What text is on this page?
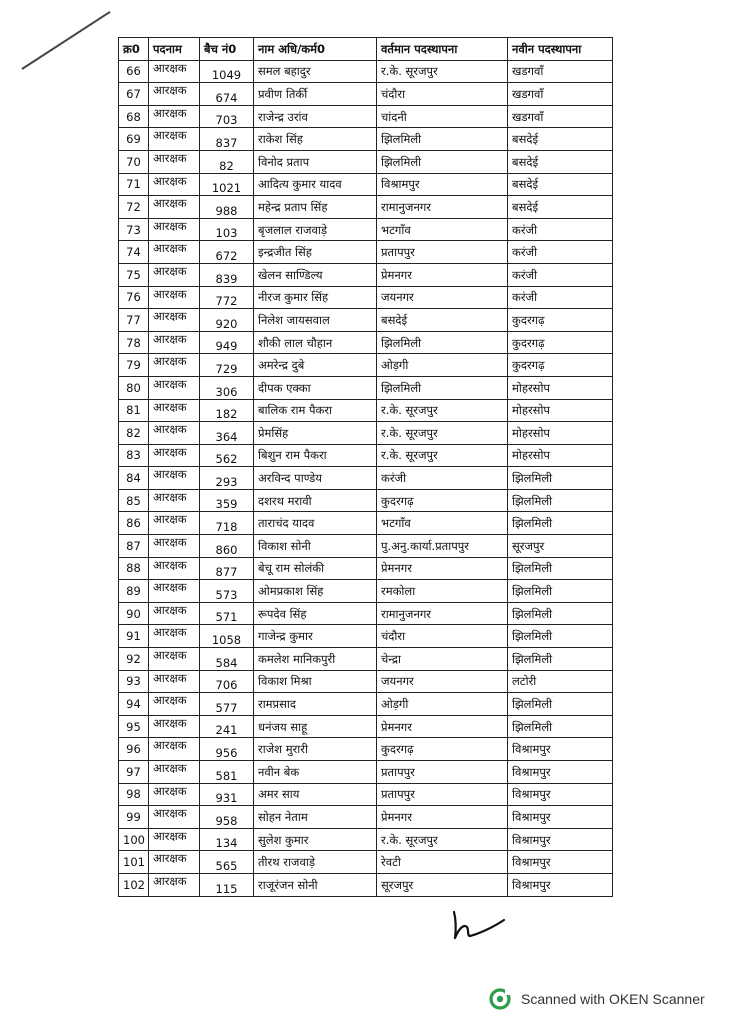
क्र0	पदनाम	बैच नं0	नाम अधि/कर्म0	वर्तमान पदस्थापना	नवीन पदस्थापना
66	आरक्षक	1049	समल बहादुर	र.के. सूरजपुर	खडगवॉं
67	आरक्षक	674	प्रवीण तिर्की	चंदौरा	खडगवॉं
68	आरक्षक	703	राजेन्द्र उरांव	चांदनी	खडगवॉं
69	आरक्षक	837	राकेश सिंह	झिलमिली	बसदेई
70	आरक्षक	82	विनोद प्रताप	झिलमिली	बसदेई
71	आरक्षक	1021	आदित्य कुमार यादव	विश्रामपुर	बसदेई
72	आरक्षक	988	महेन्द्र प्रताप सिंह	रामानुजनगर	बसदेई
73	आरक्षक	103	बृजलाल राजवाड़े	भटगॉंव	करंजी
74	आरक्षक	672	इन्द्रजीत सिंह	प्रतापपुर	करंजी
75	आरक्षक	839	खेलन साण्डिल्य	प्रेमनगर	करंजी
76	आरक्षक	772	नीरज कुमार सिंह	जयनगर	करंजी
77	आरक्षक	920	निलेश जायसवाल	बसदेई	कुदरगढ़
78	आरक्षक	949	शौकी लाल चौहान	झिलमिली	कुदरगढ़
79	आरक्षक	729	अमरेन्द्र दुबे	ओड़गी	कुदरगढ़
80	आरक्षक	306	दीपक एक्का	झिलमिली	मोहरसोप
81	आरक्षक	182	बालिक राम पैकरा	र.के. सूरजपुर	मोहरसोप
82	आरक्षक	364	प्रेमसिंह	र.के. सूरजपुर	मोहरसोप
83	आरक्षक	562	बिशुन राम पैकरा	र.के. सूरजपुर	मोहरसोप
84	आरक्षक	293	अरविन्द पाण्डेय	करंजी	झिलमिली
85	आरक्षक	359	दशरथ मरावी	कुदरगढ़	झिलमिली
86	आरक्षक	718	ताराचंद यादव	भटगॉंव	झिलमिली
87	आरक्षक	860	विकाश सोनी	पु.अनु.कार्या.प्रतापपुर	सूरजपुर
88	आरक्षक	877	बेचू राम सोलंकी	प्रेमनगर	झिलमिली
89	आरक्षक	573	ओमप्रकाश सिंह	रमकोला	झिलमिली
90	आरक्षक	571	रूपदेव सिंह	रामानुजनगर	झिलमिली
91	आरक्षक	1058	गाजेन्द्र कुमार	चंदौरा	झिलमिली
92	आरक्षक	584	कमलेश मानिकपुरी	चेन्द्रा	झिलमिली
93	आरक्षक	706	विकाश मिश्रा	जयनगर	लटोरी
94	आरक्षक	577	रामप्रसाद	ओड़गी	झिलमिली
95	आरक्षक	241	धनंजय साहू	प्रेमनगर	झिलमिली
96	आरक्षक	956	राजेश मुरारी	कुदरगढ़	विश्रामपुर
97	आरक्षक	581	नवीन बेक	प्रतापपुर	विश्रामपुर
98	आरक्षक	931	अमर साय	प्रतापपुर	विश्रामपुर
99	आरक्षक	958	सोहन नेताम	प्रेमनगर	विश्रामपुर
100	आरक्षक	134	सुलेश कुमार	र.के. सूरजपुर	विश्रामपुर
101	आरक्षक	565	तीरथ राजवाड़े	रेवटी	विश्रामपुर
102	आरक्षक	115	राजूरंजन सोनी	सूरजपुर	विश्रामपुर
Scanned with OKEN Scanner
